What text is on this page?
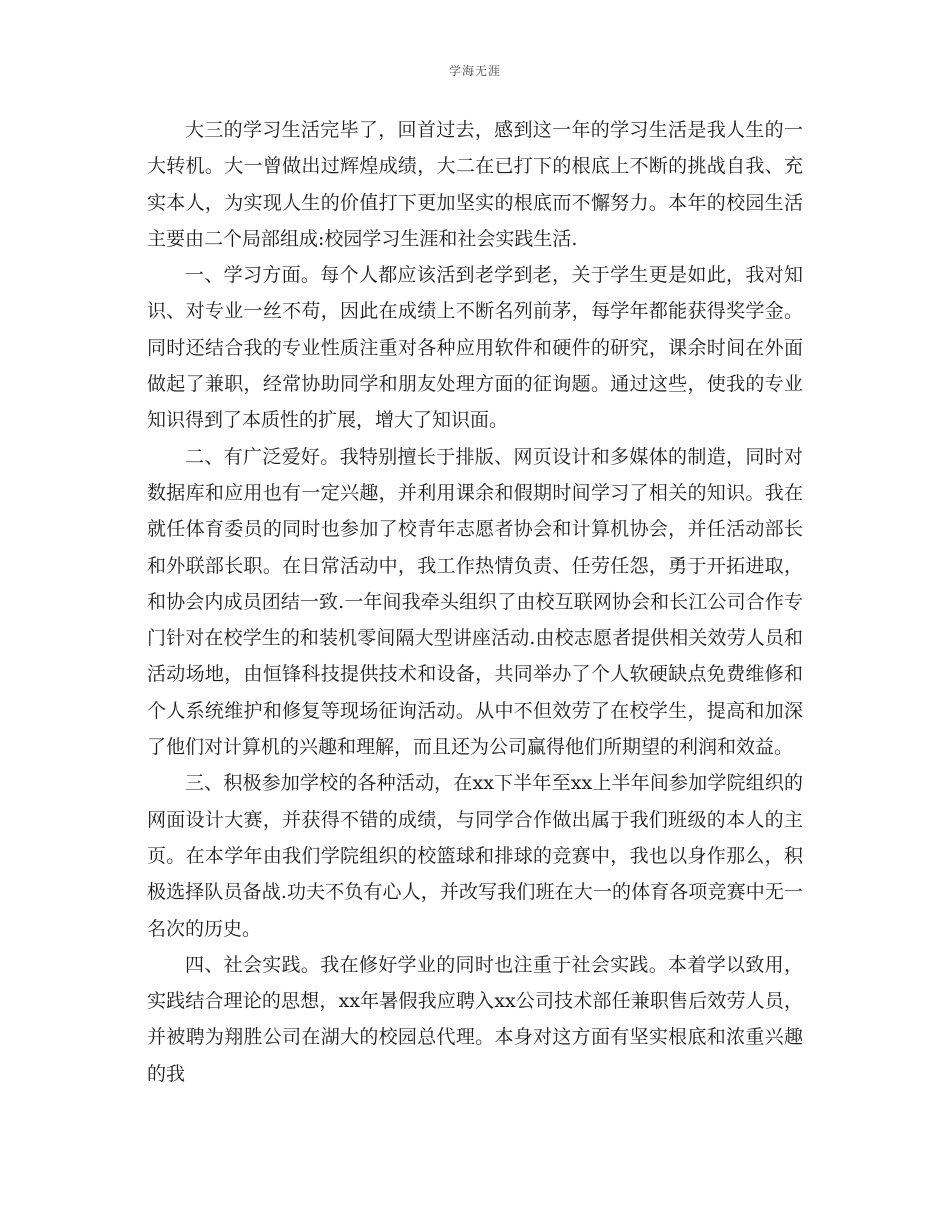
学海无涯

大三的学习生活完毕了，回首过去，感到这一年的学习生活是我人生的一大转机。大一曾做出过辉煌成绩，大二在已打下的根底上不断的挑战自我、充实本人，为实现人生的价值打下更加坚实的根底而不懈努力。本年的校园生活主要由二个局部组成:校园学习生涯和社会实践生活.

一、学习方面。每个人都应该活到老学到老，关于学生更是如此，我对知识、对专业一丝不苟，因此在成绩上不断名列前茅，每学年都能获得奖学金。同时还结合我的专业性质注重对各种应用软件和硬件的研究，课余时间在外面做起了兼职，经常协助同学和朋友处理方面的征询题。通过这些，使我的专业知识得到了本质性的扩展，增大了知识面。

二、有广泛爱好。我特别擅长于排版、网页设计和多媒体的制造，同时对数据库和应用也有一定兴趣，并利用课余和假期时间学习了相关的知识。我在就任体育委员的同时也参加了校青年志愿者协会和计算机协会，并任活动部长和外联部长职。在日常活动中，我工作热情负责、任劳任怨，勇于开拓进取，和协会内成员团结一致.一年间我牵头组织了由校互联网协会和长江公司合作专门针对在校学生的和装机零间隔大型讲座活动.由校志愿者提供相关效劳人员和活动场地，由恒锋科技提供技术和设备，共同举办了个人软硬缺点免费维修和个人系统维护和修复等现场征询活动。从中不但效劳了在校学生，提高和加深了他们对计算机的兴趣和理解，而且还为公司赢得他们所期望的利润和效益。

三、积极参加学校的各种活动，在xx下半年至xx上半年间参加学院组织的网面设计大赛，并获得不错的成绩，与同学合作做出属于我们班级的本人的主页。在本学年由我们学院组织的校篮球和排球的竞赛中，我也以身作那么，积极选择队员备战.功夫不负有心人，并改写我们班在大一的体育各项竞赛中无一名次的历史。

四、社会实践。我在修好学业的同时也注重于社会实践。本着学以致用，实践结合理论的思想，xx年暑假我应聘入xx公司技术部任兼职售后效劳人员，并被聘为翔胜公司在湖大的校园总代理。本身对这方面有坚实根底和浓重兴趣的我
